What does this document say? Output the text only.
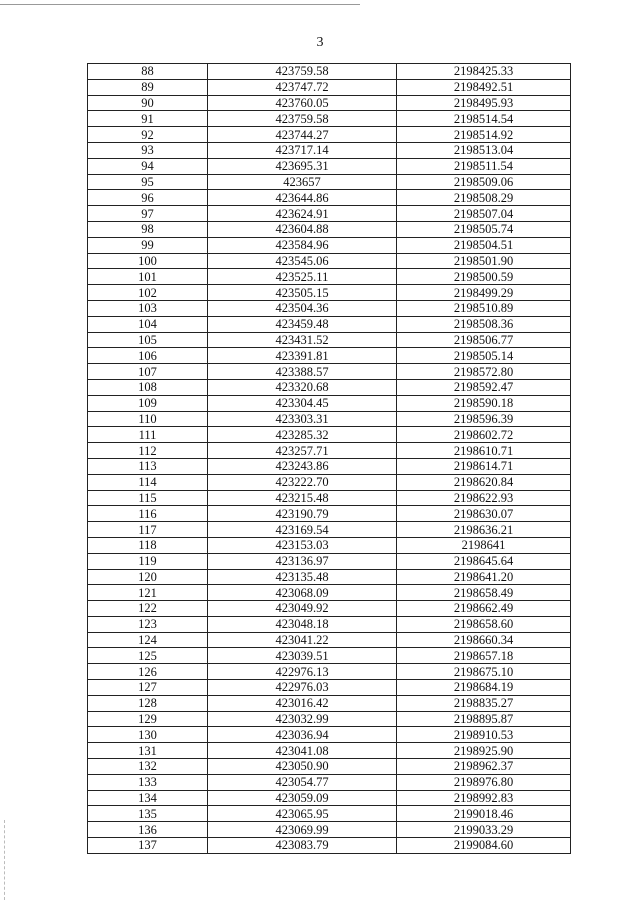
3
88	423759.58	2198425.33
89	423747.72	2198492.51
90	423760.05	2198495.93
91	423759.58	2198514.54
92	423744.27	2198514.92
93	423717.14	2198513.04
94	423695.31	2198511.54
95	423657	2198509.06
96	423644.86	2198508.29
97	423624.91	2198507.04
98	423604.88	2198505.74
99	423584.96	2198504.51
100	423545.06	2198501.90
101	423525.11	2198500.59
102	423505.15	2198499.29
103	423504.36	2198510.89
104	423459.48	2198508.36
105	423431.52	2198506.77
106	423391.81	2198505.14
107	423388.57	2198572.80
108	423320.68	2198592.47
109	423304.45	2198590.18
110	423303.31	2198596.39
111	423285.32	2198602.72
112	423257.71	2198610.71
113	423243.86	2198614.71
114	423222.70	2198620.84
115	423215.48	2198622.93
116	423190.79	2198630.07
117	423169.54	2198636.21
118	423153.03	2198641
119	423136.97	2198645.64
120	423135.48	2198641.20
121	423068.09	2198658.49
122	423049.92	2198662.49
123	423048.18	2198658.60
124	423041.22	2198660.34
125	423039.51	2198657.18
126	422976.13	2198675.10
127	422976.03	2198684.19
128	423016.42	2198835.27
129	423032.99	2198895.87
130	423036.94	2198910.53
131	423041.08	2198925.90
132	423050.90	2198962.37
133	423054.77	2198976.80
134	423059.09	2198992.83
135	423065.95	2199018.46
136	423069.99	2199033.29
137	423083.79	2199084.60
